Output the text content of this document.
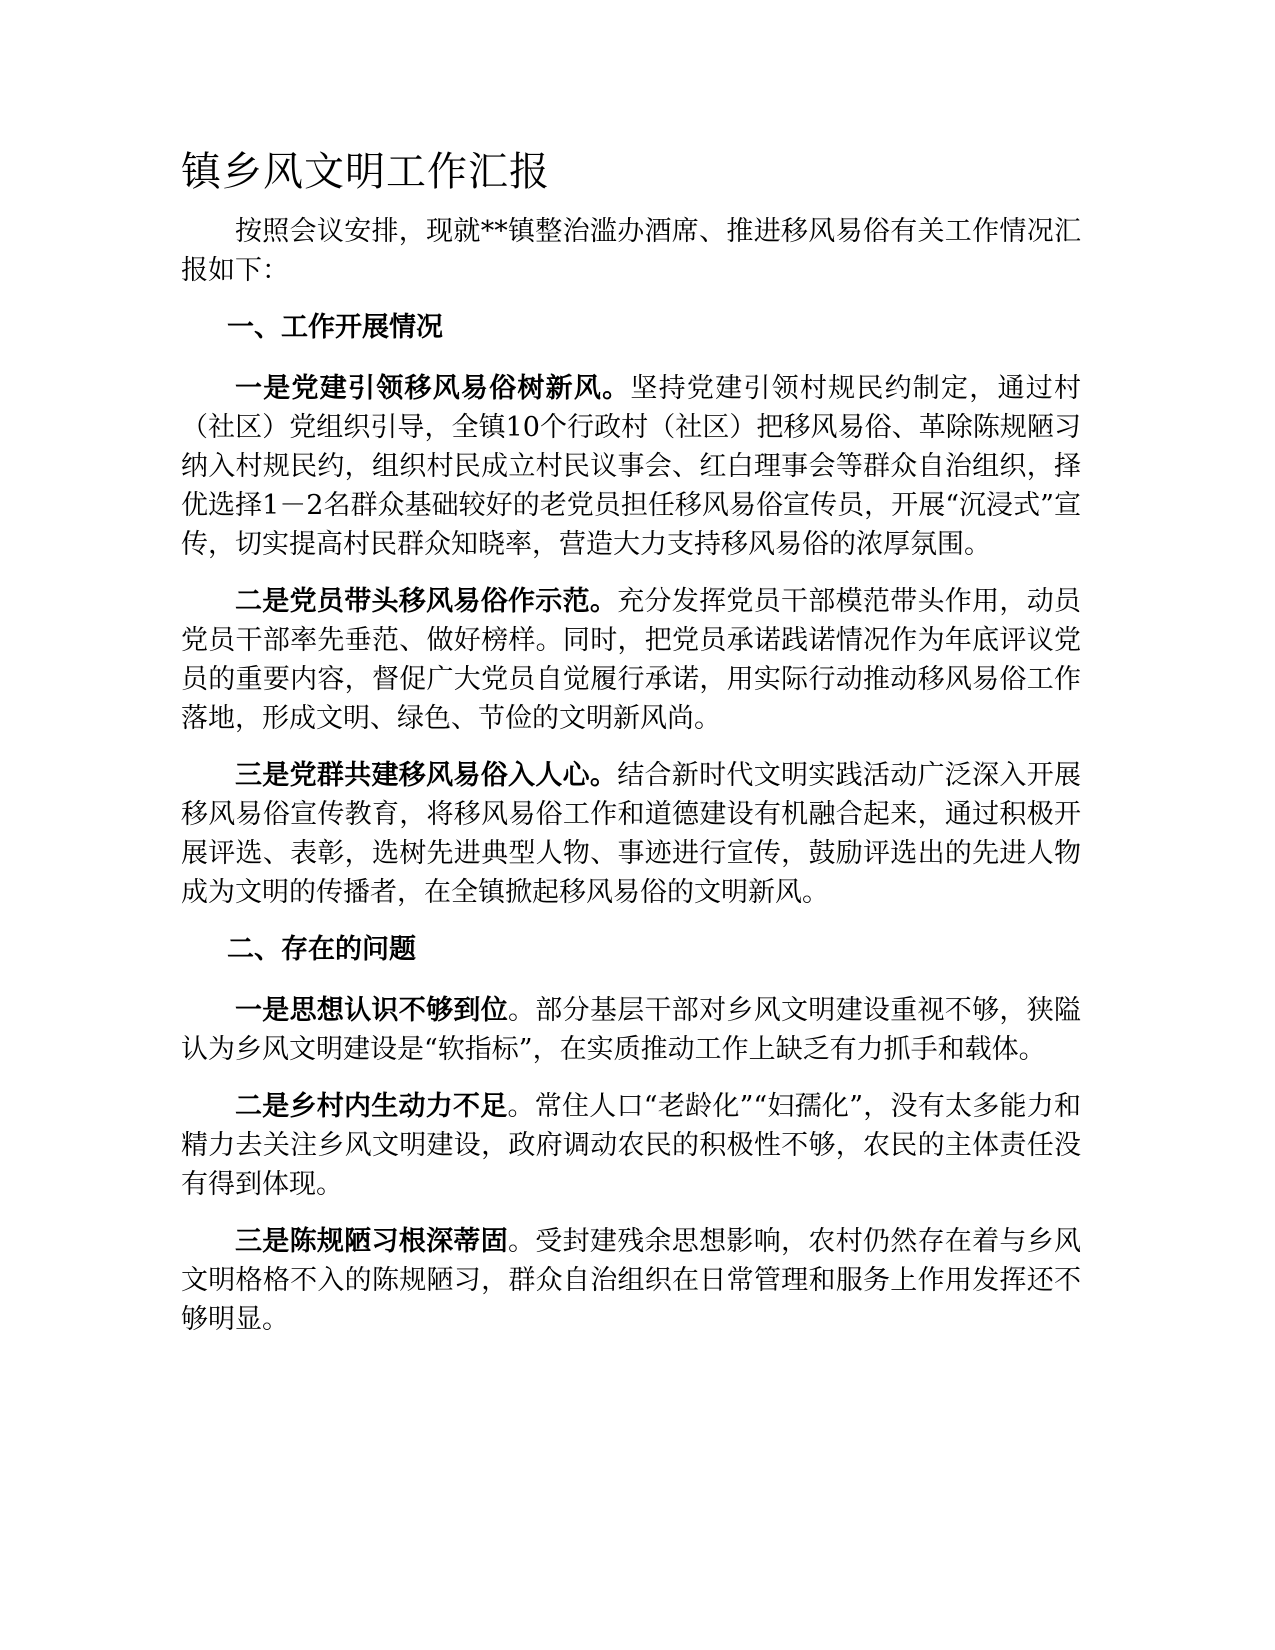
镇乡风文明工作汇报

按照会议安排，现就**镇整治滥办酒席、推进移风易俗有关工作情况汇报如下：

一、工作开展情况

一是党建引领移风易俗树新风。坚持党建引领村规民约制定，通过村（社区）党组织引导，全镇10个行政村（社区）把移风易俗、革除陈规陋习纳入村规民约，组织村民成立村民议事会、红白理事会等群众自治组织，择优选择1－2名群众基础较好的老党员担任移风易俗宣传员，开展“沉浸式”宣传，切实提高村民群众知晓率，营造大力支持移风易俗的浓厚氛围。

二是党员带头移风易俗作示范。充分发挥党员干部模范带头作用，动员党员干部率先垂范、做好榜样。同时，把党员承诺践诺情况作为年底评议党员的重要内容，督促广大党员自觉履行承诺，用实际行动推动移风易俗工作落地，形成文明、绿色、节俭的文明新风尚。

三是党群共建移风易俗入人心。结合新时代文明实践活动广泛深入开展移风易俗宣传教育，将移风易俗工作和道德建设有机融合起来，通过积极开展评选、表彰，选树先进典型人物、事迹进行宣传，鼓励评选出的先进人物成为文明的传播者，在全镇掀起移风易俗的文明新风。

二、存在的问题

一是思想认识不够到位。部分基层干部对乡风文明建设重视不够，狭隘认为乡风文明建设是“软指标”，在实质推动工作上缺乏有力抓手和载体。

二是乡村内生动力不足。常住人口“老龄化”“妇孺化”，没有太多能力和精力去关注乡风文明建设，政府调动农民的积极性不够，农民的主体责任没有得到体现。

三是陈规陋习根深蒂固。受封建残余思想影响，农村仍然存在着与乡风文明格格不入的陈规陋习，群众自治组织在日常管理和服务上作用发挥还不够明显。
